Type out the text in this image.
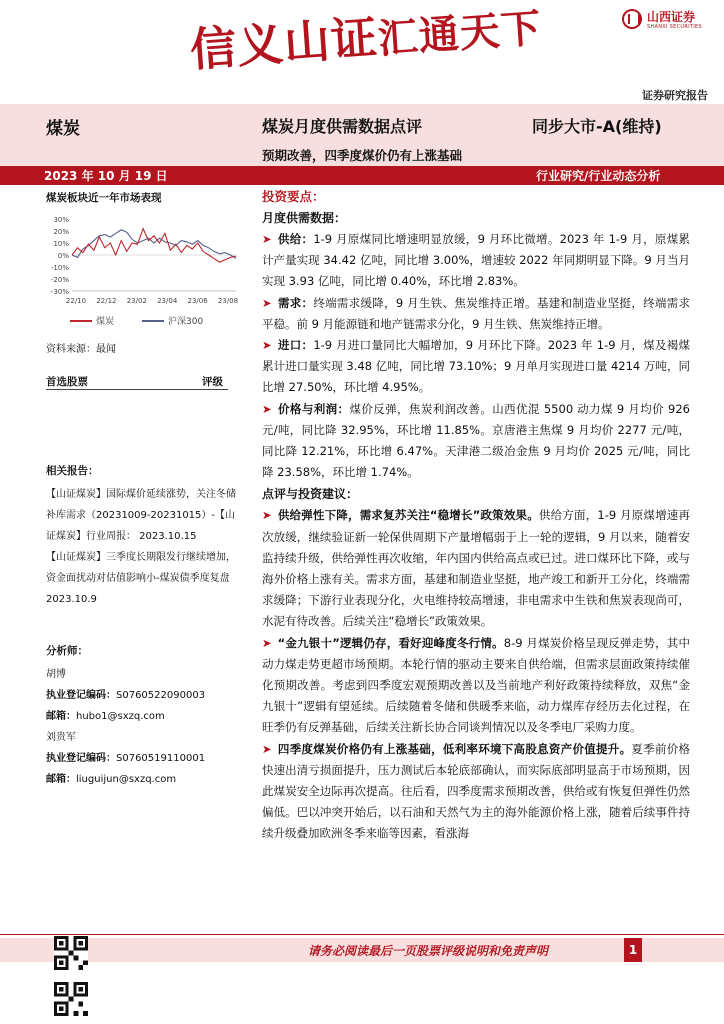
信义山证汇通天下	山西证券
SHANXI SECURITIES
证券研究报告
煤炭	煤炭月度供需数据点评	同步大市-A(维持)
预期改善，四季度煤价仍有上涨基础
2023 年 10 月 19 日	行业研究/行业动态分析
煤炭板块近一年市场表现
30%
20%
10%
0%
-10%
-20%
-30%
22/10 22/12 23/02 23/04 23/06 23/08
煤炭	沪深300
资料来源：最闻
首选股票	评级
相关报告：

【山证煤炭】国际煤价延续涨势，关注冬储补库需求（20231009-20231015）-【山证煤炭】行业周报： 2023.10.15

【山证煤炭】三季度长期限发行继续增加，资金面扰动对估值影响小-煤炭债季度复盘 2023.10.9

分析师：

胡博

执业登记编码：S0760522090003

邮箱：hubo1@sxzq.com

刘贵军

执业登记编码：S0760519110001

邮箱：liuguijun@sxzq.com

投资要点：
月度供需数据：

➤ 供给：1-9 月原煤同比增速明显放缓，9 月环比微增。2023 年 1-9 月，原煤累计产量实现 34.42 亿吨，同比增 3.00%，增速较 2022 年同期明显下降。9 月当月实现 3.93 亿吨，同比增 0.40%，环比增 2.83%。

➤ 需求：终端需求缓降，9 月生铁、焦炭维持正增。基建和制造业坚挺，终端需求平稳。前 9 月能源链和地产链需求分化，9 月生铁、焦炭维持正增。

➤ 进口：1-9 月进口量同比大幅增加，9 月环比下降。2023 年 1-9 月，煤及褐煤累计进口量实现 3.48 亿吨，同比增 73.10%；9 月单月实现进口量 4214 万吨，同比增 27.50%，环比增 4.95%。

➤ 价格与利润：煤价反弹，焦炭利润改善。山西优混 5500 动力煤 9 月均价 926 元/吨，同比降 32.95%，环比增 11.85%。京唐港主焦煤 9 月均价 2277 元/吨，同比降 12.21%，环比增 6.47%。天津港二级冶金焦 9 月均价 2025 元/吨，同比降 23.58%，环比增 1.74%。

点评与投资建议：

➤ 供给弹性下降，需求复苏关注“稳增长”政策效果。供给方面，1-9 月原煤增速再次放缓，继续验证新一轮保供周期下产量增幅弱于上一轮的逻辑，9 月以来，随着安监持续升级，供给弹性再次收缩，年内国内供给高点或已过。进口煤环比下降，或与海外价格上涨有关。需求方面，基建和制造业坚挺，地产竣工和新开工分化，终端需求缓降；下游行业表现分化，火电维持较高增速，非电需求中生铁和焦炭表现尚可，水泥有待改善。后续关注“稳增长”政策效果。

➤ “金九银十”逻辑仍存，看好迎峰度冬行情。8-9 月煤炭价格呈现反弹走势，其中动力煤走势更超市场预期。本轮行情的驱动主要来自供给端，但需求层面政策持续催化预期改善。考虑到四季度宏观预期改善以及当前地产利好政策持续释放，双焦“金九银十”逻辑有望延续。后续随着冬储和供暖季来临，动力煤库存经历去化过程，在旺季仍有反弹基础，后续关注新长协合同谈判情况以及冬季电厂采购力度。

➤ 四季度煤炭价格仍有上涨基础，低利率环境下高股息资产价值提升。夏季前价格快速出清亏损面提升，压力测试后本轮底部确认，而实际底部明显高于市场预期，因此煤炭安全边际再次提高。往后看，四季度需求预期改善，供给或有恢复但弹性仍然偏低。巴以冲突开始后，以石油和天然气为主的海外能源价格上涨，随着后续事件持续升级叠加欧洲冬季来临等因素，看涨海

请务必阅读最后一页股票评级说明和免责声明	1
